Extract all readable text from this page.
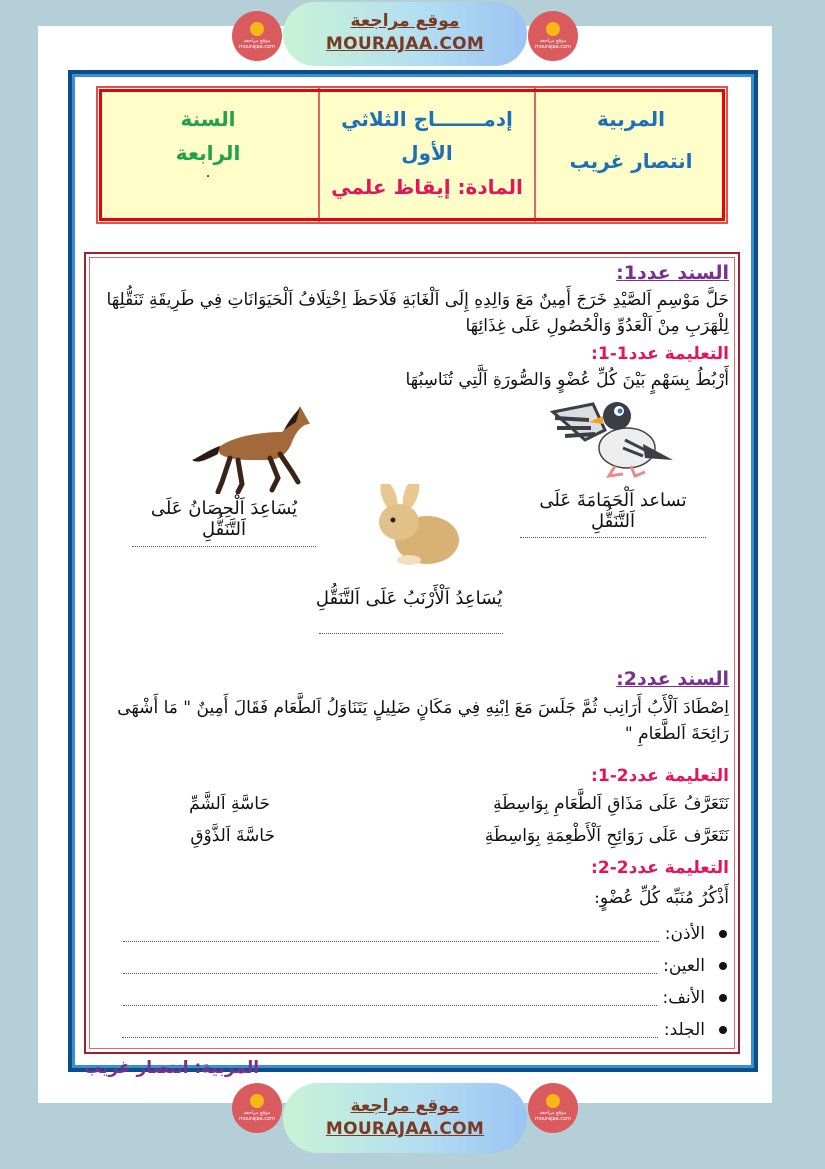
موقع مراجعة
mourajaa.com
موقع مراجعة
MOURAJAA.COM	موقع مراجعة
mourajaa.com
المربية
انتصار غريب
إدمـــــــاج الثلاثي
الأول
المادة: إيقاظ علمي
السنة
الرابعة
.
السند عدد1:
حَلَّ مَوْسِمِ اَلصَّيْدِ خَرَجَ أَمِينٌ مَعَ وَالِدِهِ إِلَى اَلْغَابَةِ فَلَاحَظَ اِخْتِلَافُ اَلْحَيَوَانَاتِ فِي طَرِيقَةِ تَنَقُّلِهَا
لِلْهَرَبِ مِنْ اَلْعَدُوِّ وَالْحُصُولِ عَلَى غِذَائِهَا
التعليمة عدد1-1:
أَرْبُطُ بِسَهْمٍ بَيْنَ كُلِّ عُضْوٍ وَالصُّورَةِ اَلَّتِي تُنَاسِبُهَا
تساعد اَلْحَمَامَةَ عَلَى اَلتَّنَقُّلِ
يُسَاعِدَ اَلْحِصَانُ عَلَى اَلتَّنَقُّلِ
يُسَاعِدُ اَلْأَرْنَبُ عَلَى اَلتَّنَقُّلِ
السند عدد2:
اِصْطَادَ اَلْأَبُ أَرَانِب ثُمَّ جَلَسَ مَعَ اِبْنِهِ فِي مَكَانٍ ضَلِيلٍ يَتَنَاوَلُ اَلطَّعَام فَقَالَ أَمِينٌ " مَا أَشْهَى
رَائِحَةَ اَلطَّعَامِ "
التعليمة عدد2-1:
نَتَعَرَّفُ عَلَى مَذَاقِ اَلطَّعَامِ بِوَاسِطَةِ
حَاسَّةِ اَلشَّمِّ
نَتَعَرَّف عَلَى رَوَائِحِ اَلْأَطْعِمَةِ بِوَاسِطَةِ
حَاسَّةَ اَلذَّوْقِ
التعليمة عدد2-2:
أَذْكُرُ مُنَبِّه كُلِّ عُضْوٍ:
الأذن:
العين:
الأنف:
الجلد:
المربية: انتصار غريب
موقع مراجعة
mourajaa.com
موقع مراجعة
MOURAJAA.COM
موقع مراجعة
mourajaa.com
